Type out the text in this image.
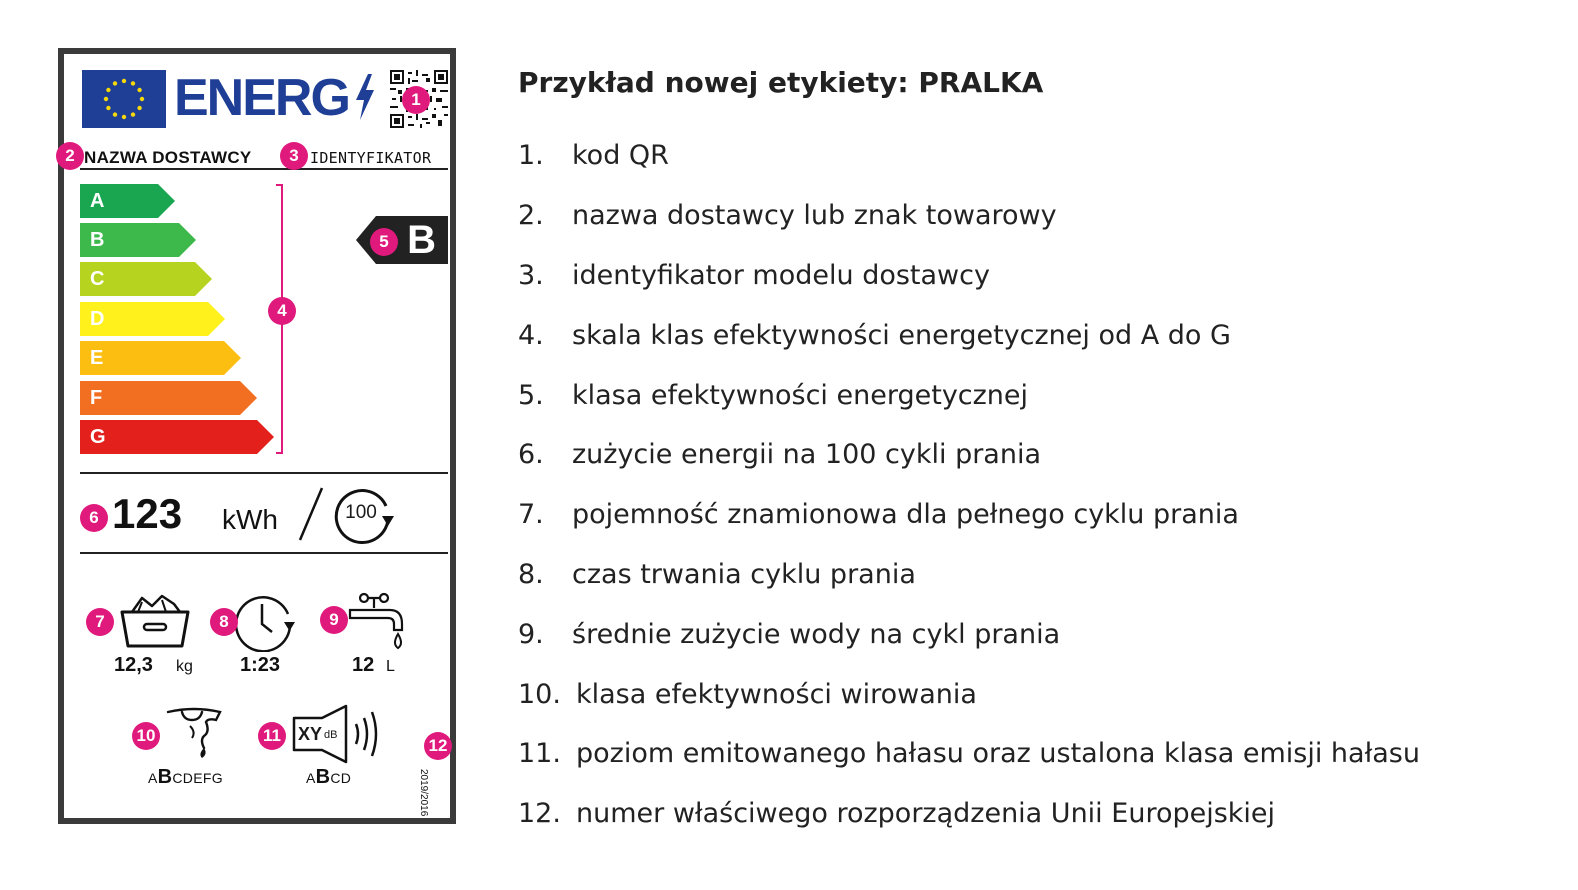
ENERG	1
2 NAZWA DOSTAWCY	3 IDENTYFIKATOR
A
B
C
D
E
F
G
4
B
5
6 123 kWh	100
7
12,3 kg
8
1:23
9
12 L
10
ABCDEFG
11 XY dB
ABCD
12
2019/2016
Przykład nowej etykiety: PRALKA
1.	kod QR
2.	nazwa dostawcy lub znak towarowy
3.	identyfikator modelu dostawcy
4.	skala klas efektywności energetycznej od A do G
5.	klasa efektywności energetycznej
6.	zużycie energii na 100 cykli prania
7.	pojemność znamionowa dla pełnego cyklu prania
8.	czas trwania cyklu prania
9.	średnie zużycie wody na cykl prania
10. klasa efektywności wirowania
11. poziom emitowanego hałasu oraz ustalona klasa emisji hałasu
12. numer właściwego rozporządzenia Unii Europejskiej
